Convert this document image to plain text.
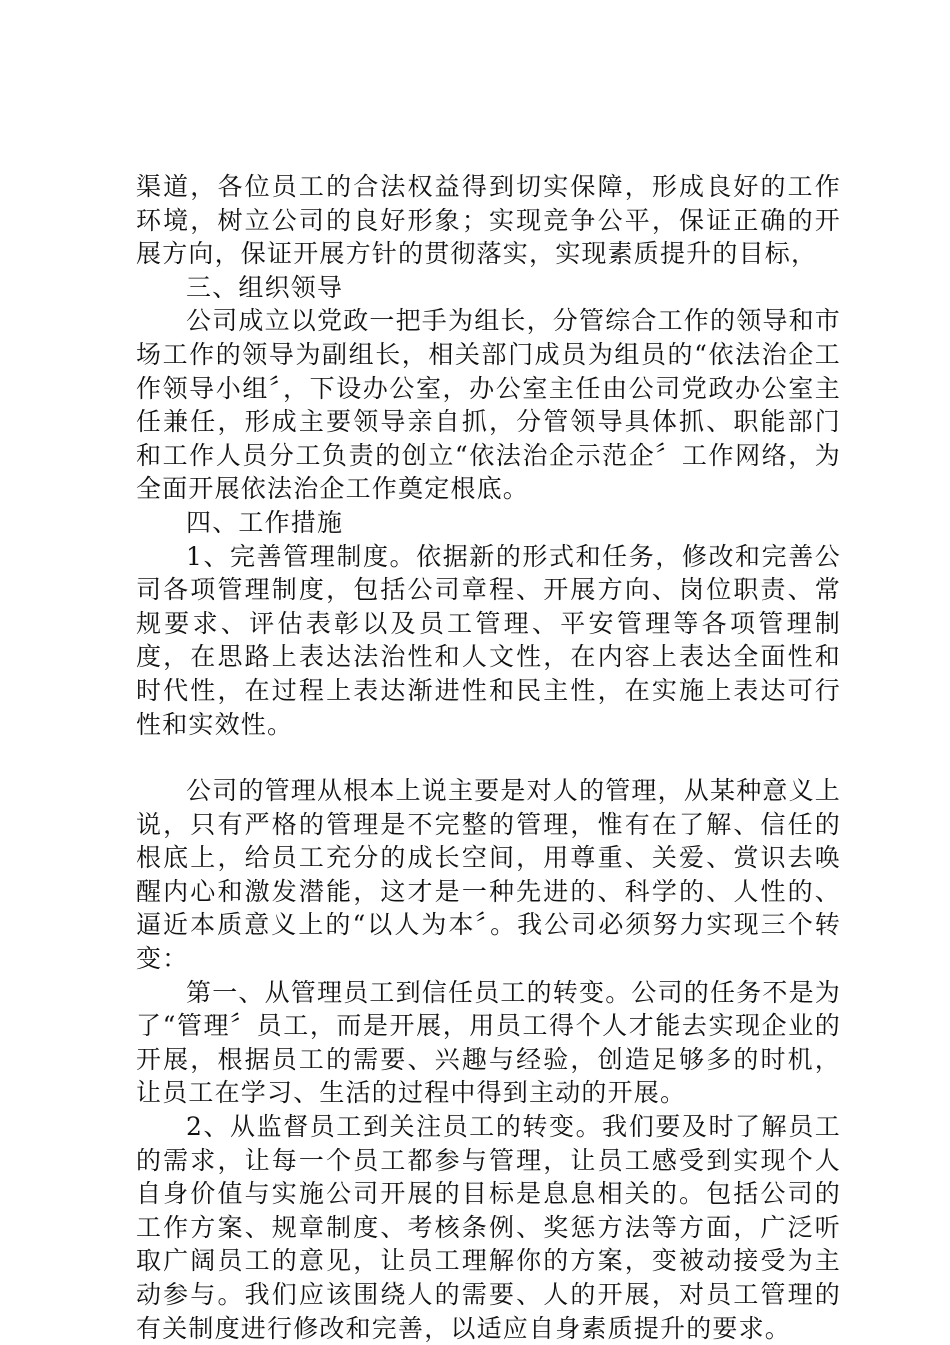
渠道，各位员工的合法权益得到切实保障，形成良好的工作环境，树立公司的良好形象；实现竞争公平，保证正确的开展方向，保证开展方针的贯彻落实，实现素质提升的目标，

三、组织领导

公司成立以党政一把手为组长，分管综合工作的领导和市场工作的领导为副组长，相关部门成员为组员的“依法治企工作领导小组〞，下设办公室，办公室主任由公司党政办公室主任兼任，形成主要领导亲自抓，分管领导具体抓、职能部门和工作人员分工负责的创立“依法治企示范企〞工作网络，为全面开展依法治企工作奠定根底。

四、工作措施

1、完善管理制度。依据新的形式和任务，修改和完善公司各项管理制度，包括公司章程、开展方向、岗位职责、常规要求、评估表彰以及员工管理、平安管理等各项管理制度，在思路上表达法治性和人文性，在内容上表达全面性和时代性，在过程上表达渐进性和民主性，在实施上表达可行性和实效性。

公司的管理从根本上说主要是对人的管理，从某种意义上说，只有严格的管理是不完整的管理，惟有在了解、信任的根底上，给员工充分的成长空间，用尊重、关爱、赏识去唤醒内心和激发潜能，这才是一种先进的、科学的、人性的、逼近本质意义上的“以人为本〞。我公司必须努力实现三个转变：

第一、从管理员工到信任员工的转变。公司的任务不是为了“管理〞员工，而是开展，用员工得个人才能去实现企业的开展，根据员工的需要、兴趣与经验，创造足够多的时机，让员工在学习、生活的过程中得到主动的开展。

2、从监督员工到关注员工的转变。我们要及时了解员工的需求，让每一个员工都参与管理，让员工感受到实现个人自身价值与实施公司开展的目标是息息相关的。包括公司的工作方案、规章制度、考核条例、奖惩方法等方面，广泛听取广阔员工的意见，让员工理解你的方案，变被动接受为主动参与。我们应该围绕人的需要、人的开展，对员工管理的有关制度进行修改和完善，以适应自身素质提升的要求。
